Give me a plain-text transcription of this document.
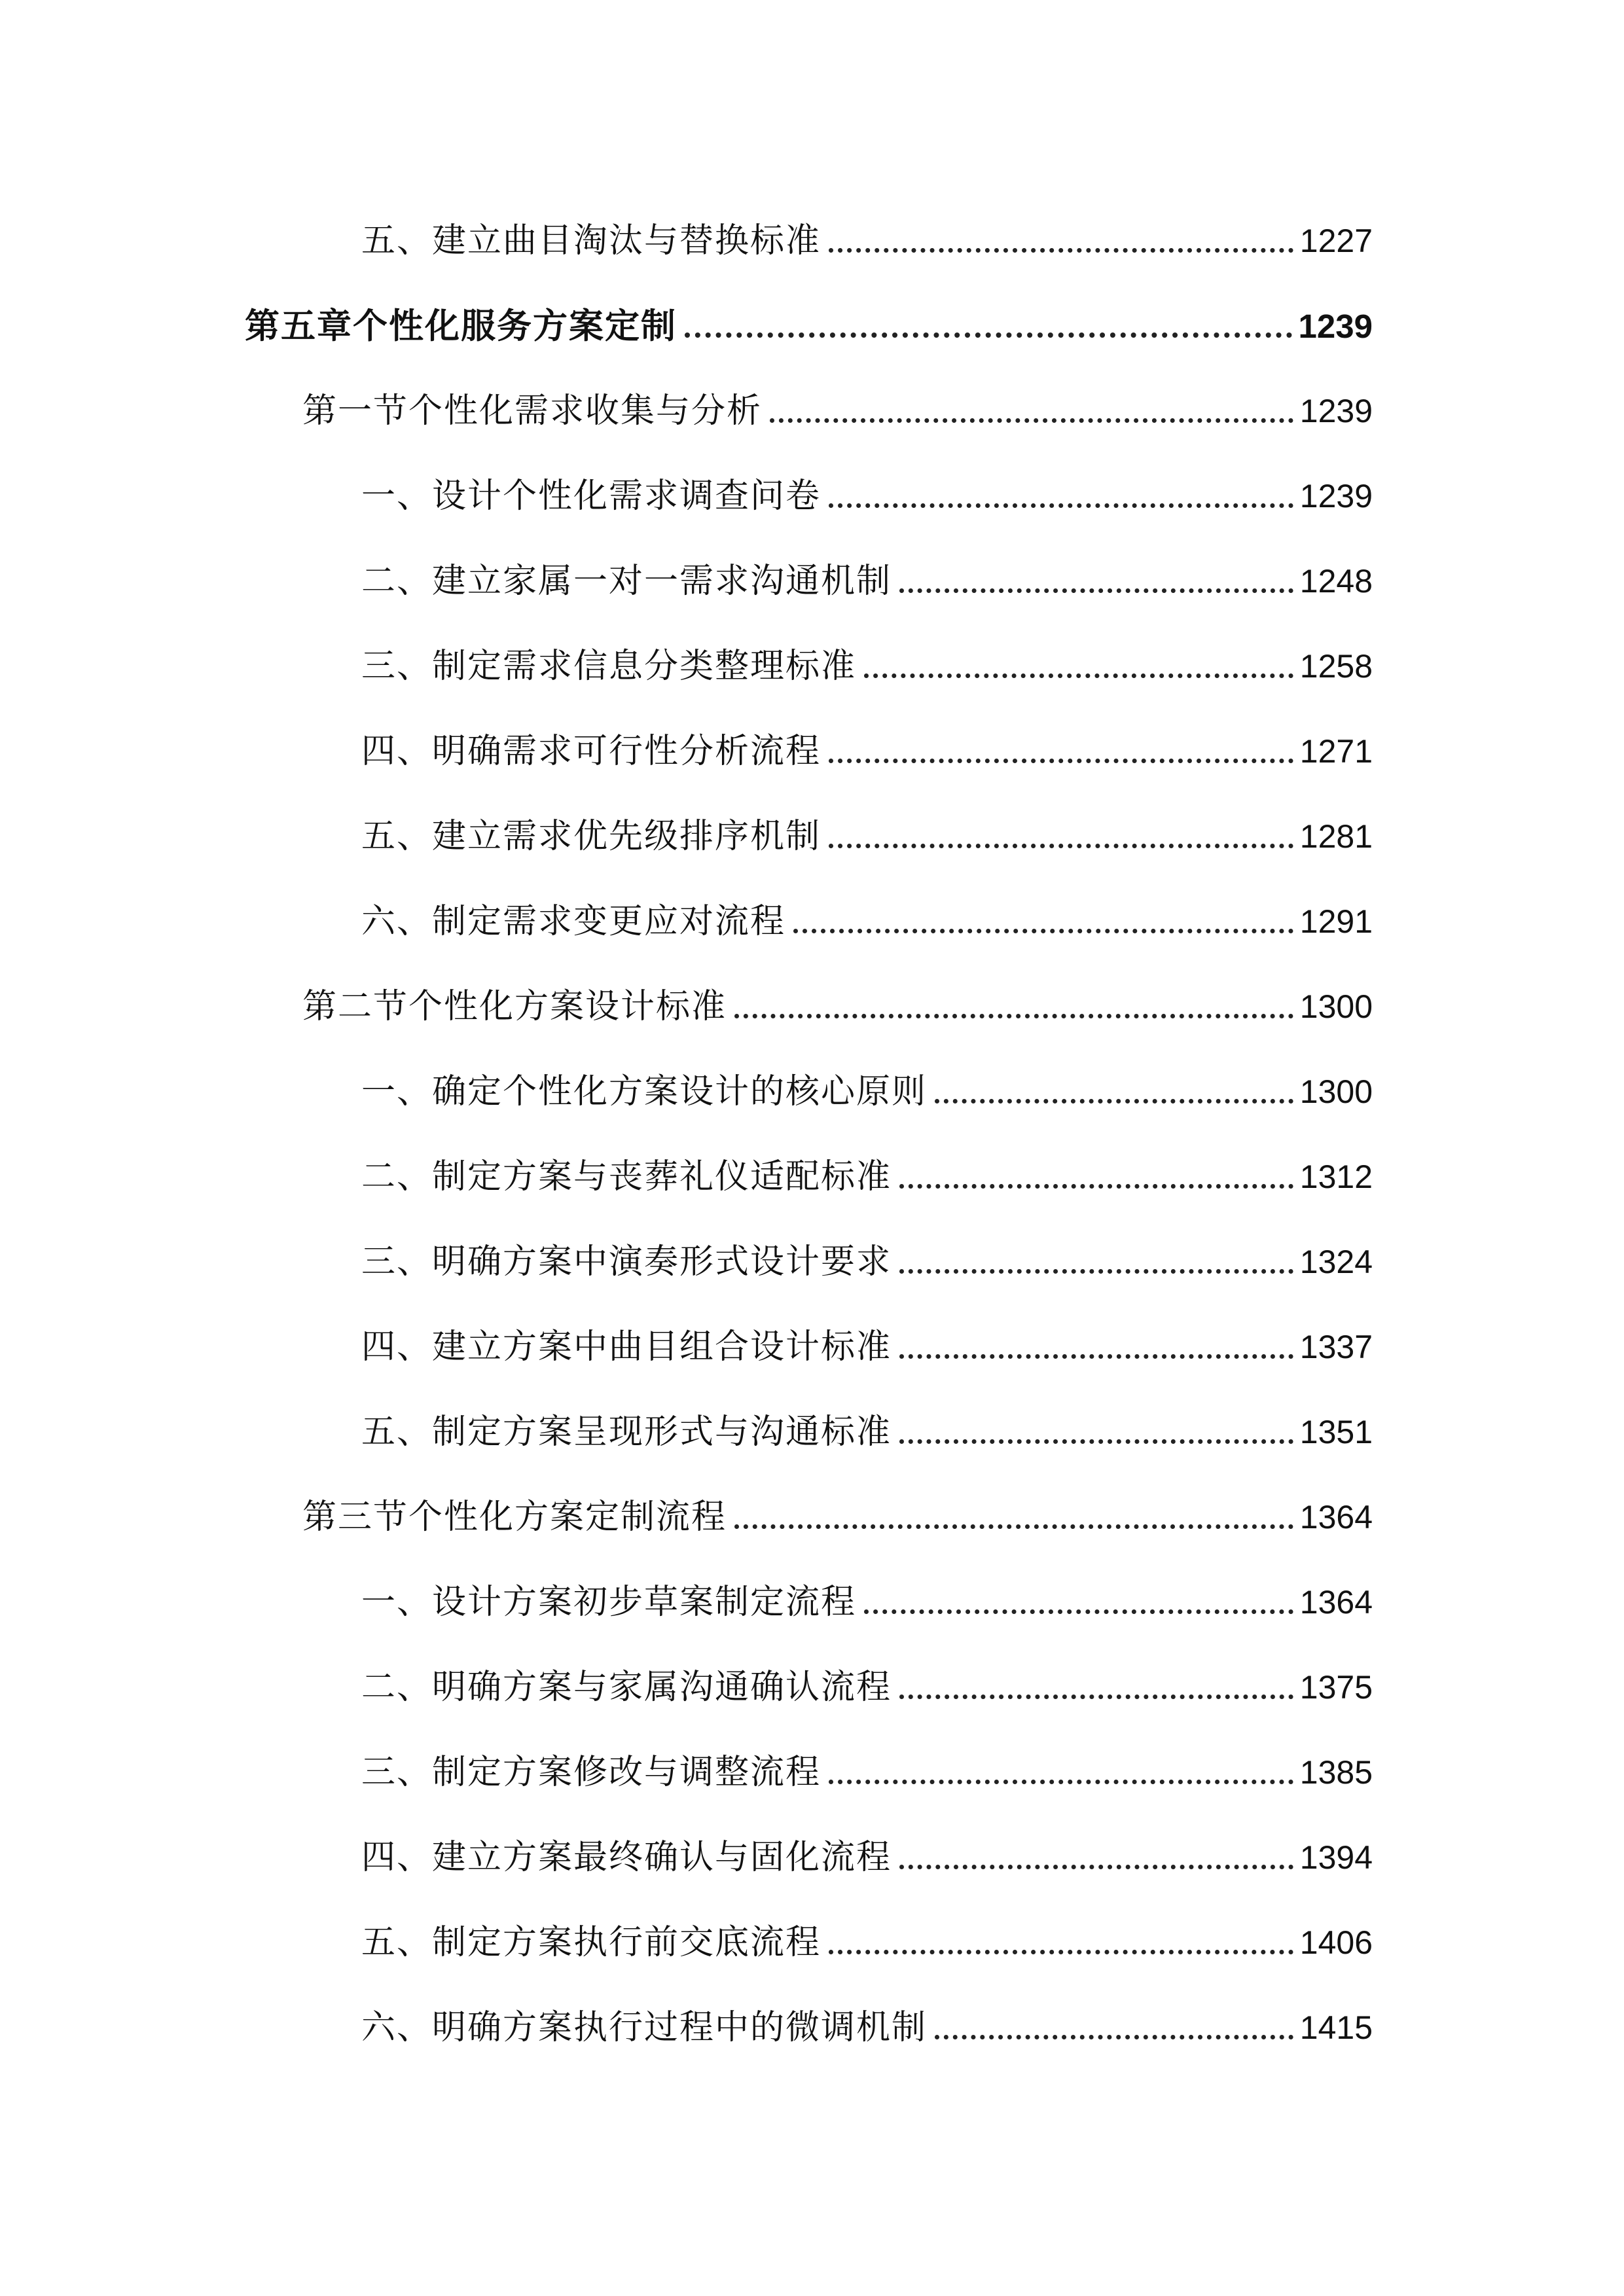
五、建立曲目淘汰与替换标准	1227
第五章个性化服务方案定制	1239
第一节个性化需求收集与分析	1239
一、设计个性化需求调查问卷	1239
二、建立家属一对一需求沟通机制	1248
三、制定需求信息分类整理标准	1258
四、明确需求可行性分析流程	1271
五、建立需求优先级排序机制	1281
六、制定需求变更应对流程	1291
第二节个性化方案设计标准	1300
一、确定个性化方案设计的核心原则	1300
二、制定方案与丧葬礼仪适配标准	1312
三、明确方案中演奏形式设计要求	1324
四、建立方案中曲目组合设计标准	1337
五、制定方案呈现形式与沟通标准	1351
第三节个性化方案定制流程	1364
一、设计方案初步草案制定流程	1364
二、明确方案与家属沟通确认流程	1375
三、制定方案修改与调整流程	1385
四、建立方案最终确认与固化流程	1394
五、制定方案执行前交底流程	1406
六、明确方案执行过程中的微调机制	1415
